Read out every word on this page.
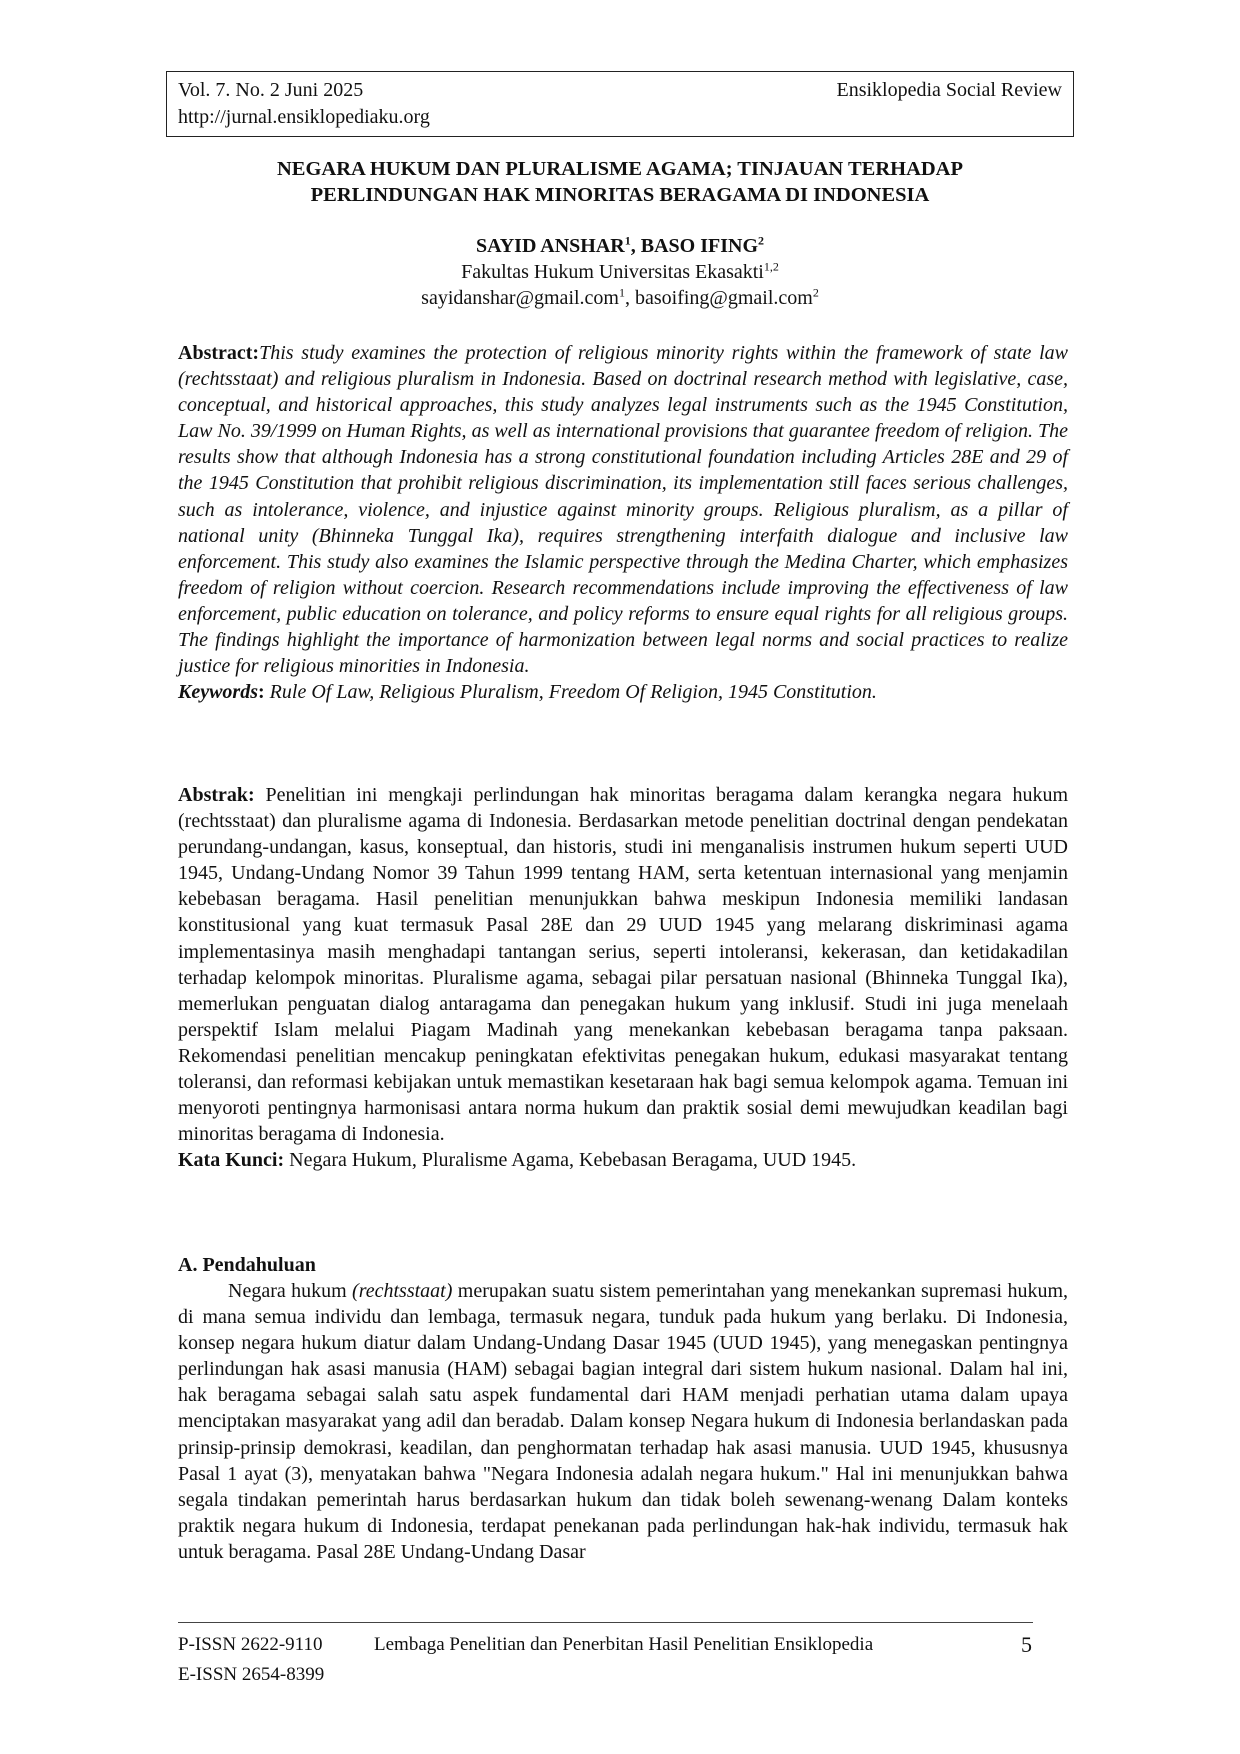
Vol. 7. No. 2 Juni 2025	Ensiklopedia Social Review
http://jurnal.ensiklopediaku.org
NEGARA HUKUM DAN PLURALISME AGAMA; TINJAUAN TERHADAP
PERLINDUNGAN HAK MINORITAS BERAGAMA DI INDONESIA
SAYID ANSHAR$^1$, BASO IFING$^2$
Fakultas Hukum Universitas Ekasakti$^{1,2}$
sayidanshar@gmail.com$^1$, basoifing@gmail.com$^2$
Abstract:This study examines the protection of religious minority rights within the framework of state law (rechtsstaat) and religious pluralism in Indonesia. Based on doctrinal research method with legislative, case, conceptual, and historical approaches, this study analyzes legal instruments such as the 1945 Constitution, Law No. 39/1999 on Human Rights, as well as international provisions that guarantee freedom of religion. The results show that although Indonesia has a strong constitutional foundation including Articles 28E and 29 of the 1945 Constitution that prohibit religious discrimination, its implementation still faces serious challenges, such as intolerance, violence, and injustice against minority groups. Religious pluralism, as a pillar of national unity (Bhinneka Tunggal Ika), requires strengthening interfaith dialogue and inclusive law enforcement. This study also examines the Islamic perspective through the Medina Charter, which emphasizes freedom of religion without coercion. Research recommendations include improving the effectiveness of law enforcement, public education on tolerance, and policy reforms to ensure equal rights for all religious groups. The findings highlight the importance of harmonization between legal norms and social practices to realize justice for religious minorities in Indonesia.
Keywords: Rule Of Law, Religious Pluralism, Freedom Of Religion, 1945 Constitution.
Abstrak: Penelitian ini mengkaji perlindungan hak minoritas beragama dalam kerangka negara hukum (rechtsstaat) dan pluralisme agama di Indonesia. Berdasarkan metode penelitian doctrinal dengan pendekatan perundang-undangan, kasus, konseptual, dan historis, studi ini menganalisis instrumen hukum seperti UUD 1945, Undang-Undang Nomor 39 Tahun 1999 tentang HAM, serta ketentuan internasional yang menjamin kebebasan beragama. Hasil penelitian menunjukkan bahwa meskipun Indonesia memiliki landasan konstitusional yang kuat termasuk Pasal 28E dan 29 UUD 1945 yang melarang diskriminasi agama implementasinya masih menghadapi tantangan serius, seperti intoleransi, kekerasan, dan ketidakadilan terhadap kelompok minoritas. Pluralisme agama, sebagai pilar persatuan nasional (Bhinneka Tunggal Ika), memerlukan penguatan dialog antaragama dan penegakan hukum yang inklusif. Studi ini juga menelaah perspektif Islam melalui Piagam Madinah yang menekankan kebebasan beragama tanpa paksaan. Rekomendasi penelitian mencakup peningkatan efektivitas penegakan hukum, edukasi masyarakat tentang toleransi, dan reformasi kebijakan untuk memastikan kesetaraan hak bagi semua kelompok agama. Temuan ini menyoroti pentingnya harmonisasi antara norma hukum dan praktik sosial demi mewujudkan keadilan bagi minoritas beragama di Indonesia.
Kata Kunci: Negara Hukum, Pluralisme Agama, Kebebasan Beragama, UUD 1945.
A. Pendahuluan

Negara hukum (rechtsstaat) merupakan suatu sistem pemerintahan yang menekankan supremasi hukum, di mana semua individu dan lembaga, termasuk negara, tunduk pada hukum yang berlaku. Di Indonesia, konsep negara hukum diatur dalam Undang-Undang Dasar 1945 (UUD 1945), yang menegaskan pentingnya perlindungan hak asasi manusia (HAM) sebagai bagian integral dari sistem hukum nasional. Dalam hal ini, hak beragama sebagai salah satu aspek fundamental dari HAM menjadi perhatian utama dalam upaya menciptakan masyarakat yang adil dan beradab. Dalam konsep Negara hukum di Indonesia berlandaskan pada prinsip-prinsip demokrasi, keadilan, dan penghormatan terhadap hak asasi manusia. UUD 1945, khususnya Pasal 1 ayat (3), menyatakan bahwa "Negara Indonesia adalah negara hukum." Hal ini menunjukkan bahwa segala tindakan pemerintah harus berdasarkan hukum dan tidak boleh sewenang-wenang Dalam konteks praktik negara hukum di Indonesia, terdapat penekanan pada perlindungan hak-hak individu, termasuk hak untuk beragama. Pasal 28E Undang-Undang Dasar

P-ISSN 2622-9110	Lembaga Penelitian dan Penerbitan Hasil Penelitian Ensiklopedia	5
E-ISSN 2654-8399
